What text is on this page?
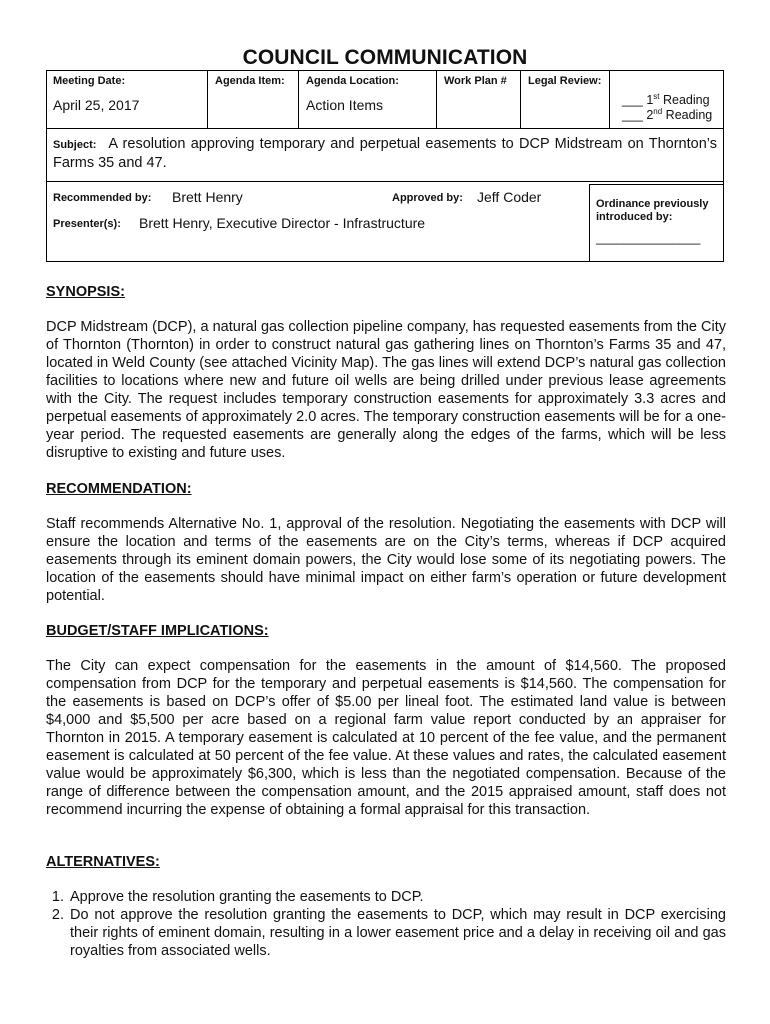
COUNCIL COMMUNICATION
Meeting Date:
April 25, 2017
Agenda Item: Agenda Location:
Action Items
Work Plan # Legal Review:
___ 1st Reading
___ 2nd Reading
Subject: A resolution approving temporary and perpetual easements to DCP Midstream on Thornton’s Farms 35 and 47.
Recommended by: Brett Henry	Approved by: Jeff Coder
Presenter(s): Brett Henry, Executive Director - Infrastructure
Ordinance previously introduced by:
_______________
SYNOPSIS:
DCP Midstream (DCP), a natural gas collection pipeline company, has requested easements from the City of Thornton (Thornton) in order to construct natural gas gathering lines on Thornton’s Farms 35 and 47, located in Weld County (see attached Vicinity Map). The gas lines will extend DCP’s natural gas collection facilities to locations where new and future oil wells are being drilled under previous lease agreements with the City. The request includes temporary construction easements for approximately 3.3 acres and perpetual easements of approximately 2.0 acres. The temporary construction easements will be for a one-year period. The requested easements are generally along the edges of the farms, which will be less disruptive to existing and future uses.
RECOMMENDATION:
Staff recommends Alternative No. 1, approval of the resolution. Negotiating the easements with DCP will ensure the location and terms of the easements are on the City’s terms, whereas if DCP acquired easements through its eminent domain powers, the City would lose some of its negotiating powers. The location of the easements should have minimal impact on either farm’s operation or future development potential.
BUDGET/STAFF IMPLICATIONS:
The City can expect compensation for the easements in the amount of $14,560. The proposed compensation from DCP for the temporary and perpetual easements is $14,560. The compensation for the easements is based on DCP’s offer of $5.00 per lineal foot. The estimated land value is between $4,000 and $5,500 per acre based on a regional farm value report conducted by an appraiser for Thornton in 2015. A temporary easement is calculated at 10 percent of the fee value, and the permanent easement is calculated at 50 percent of the fee value. At these values and rates, the calculated easement value would be approximately $6,300, which is less than the negotiated compensation. Because of the range of difference between the compensation amount, and the 2015 appraised amount, staff does not recommend incurring the expense of obtaining a formal appraisal for this transaction.
ALTERNATIVES:
1. Approve the resolution granting the easements to DCP.
2. Do not approve the resolution granting the easements to DCP, which may result in DCP exercising their rights of eminent domain, resulting in a lower easement price and a delay in receiving oil and gas royalties from associated wells.
